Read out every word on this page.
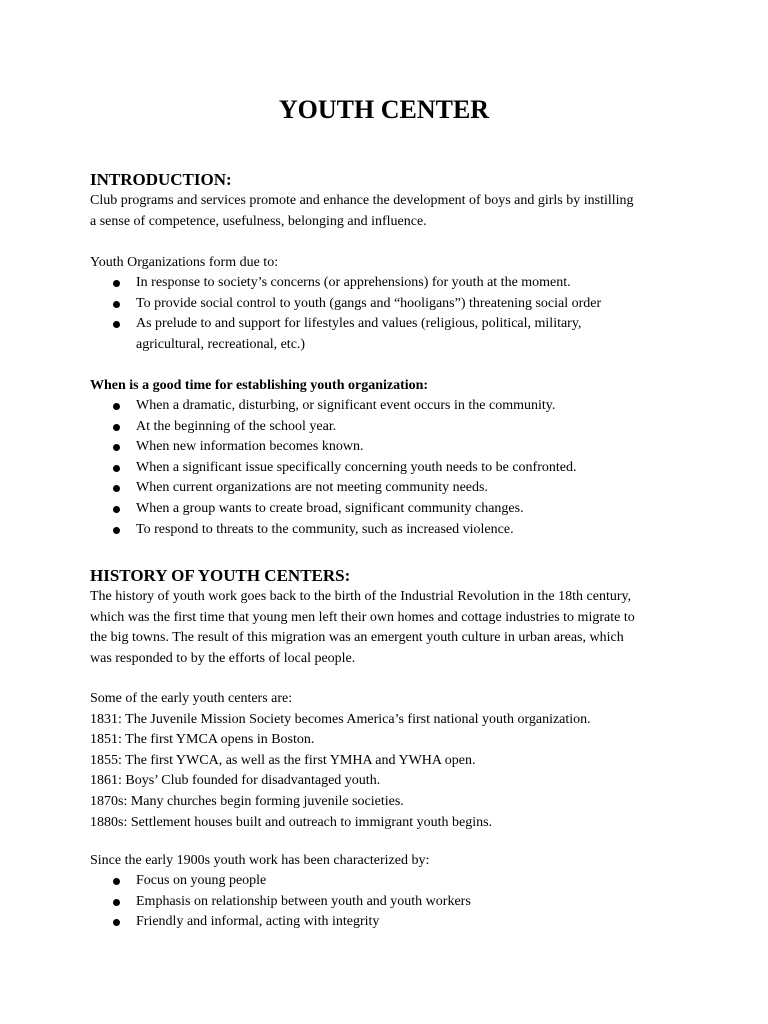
YOUTH CENTER
INTRODUCTION:
Club programs and services promote and enhance the development of boys and girls by instilling
a sense of competence, usefulness, belonging and influence.
Youth Organizations form due to:
In response to society’s concerns (or apprehensions) for youth at the moment.
To provide social control to youth (gangs and “hooligans”) threatening social order
As prelude to and support for lifestyles and values (religious, political, military,
agricultural, recreational, etc.)
When is a good time for establishing youth organization:
When a dramatic, disturbing, or significant event occurs in the community.
At the beginning of the school year.
When new information becomes known.
When a significant issue specifically concerning youth needs to be confronted.
When current organizations are not meeting community needs.
When a group wants to create broad, significant community changes.
To respond to threats to the community, such as increased violence.
HISTORY OF YOUTH CENTERS:
The history of youth work goes back to the birth of the Industrial Revolution in the 18th century,
which was the first time that young men left their own homes and cottage industries to migrate to
the big towns. The result of this migration was an emergent youth culture in urban areas, which
was responded to by the efforts of local people.
Some of the early youth centers are:
1831: The Juvenile Mission Society becomes America’s first national youth organization.
1851: The first YMCA opens in Boston.
1855: The first YWCA, as well as the first YMHA and YWHA open.
1861: Boys’ Club founded for disadvantaged youth.
1870s: Many churches begin forming juvenile societies.
1880s: Settlement houses built and outreach to immigrant youth begins.
Since the early 1900s youth work has been characterized by:
Focus on young people
Emphasis on relationship between youth and youth workers
Friendly and informal, acting with integrity
